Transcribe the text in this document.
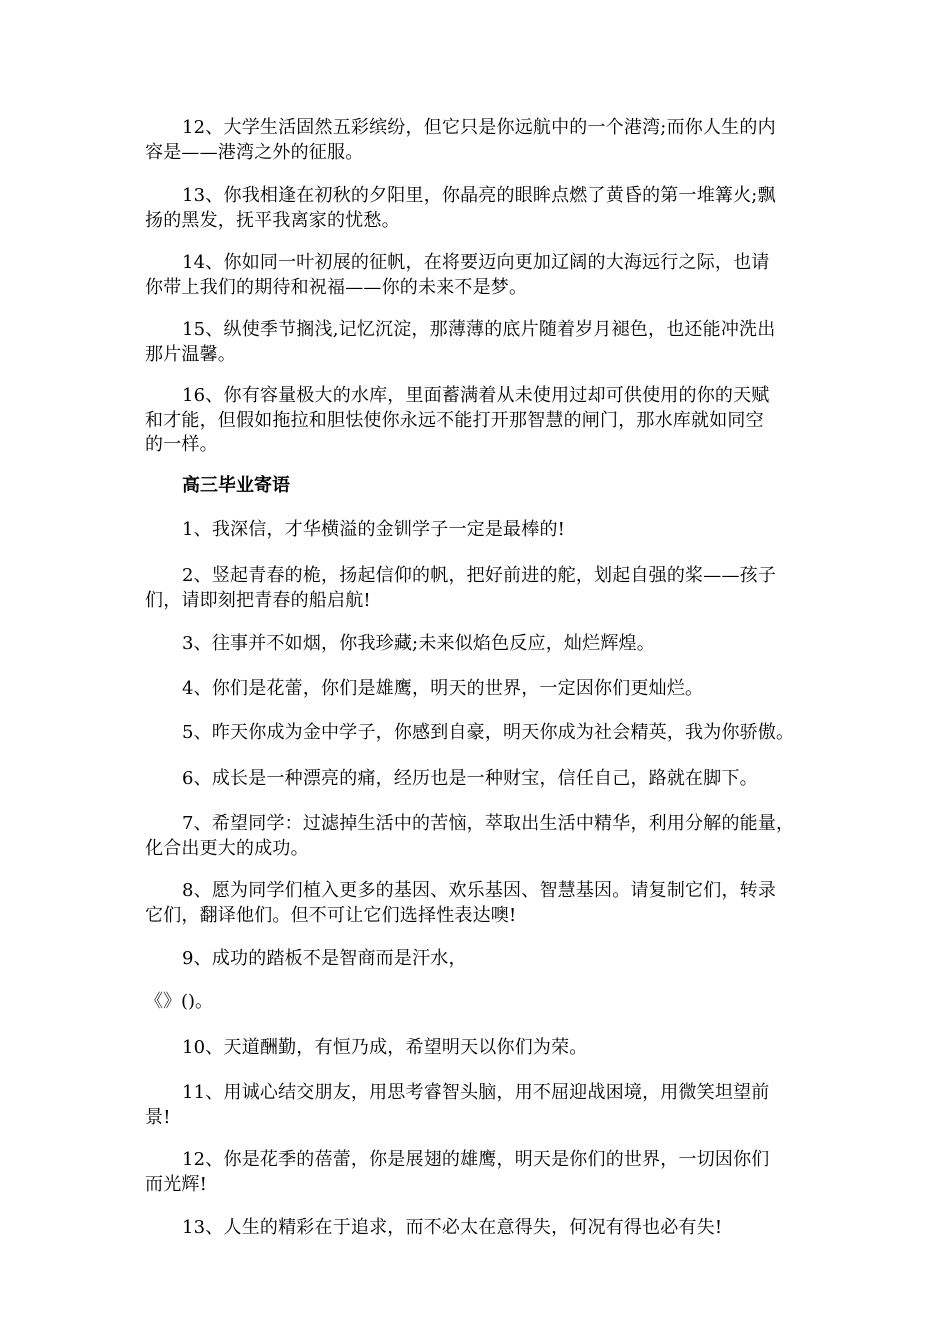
12、大学生活固然五彩缤纷，但它只是你远航中的一个港湾;而你人生的内
容是——港湾之外的征服。

13、你我相逢在初秋的夕阳里，你晶亮的眼眸点燃了黄昏的第一堆篝火;飘
扬的黑发，抚平我离家的忧愁。

14、你如同一叶初展的征帆，在将要迈向更加辽阔的大海远行之际，也请
你带上我们的期待和祝福——你的未来不是梦。

15、纵使季节搁浅,记忆沉淀，那薄薄的底片随着岁月褪色，也还能冲洗出
那片温馨。

16、你有容量极大的水库，里面蓄满着从未使用过却可供使用的你的天赋
和才能，但假如拖拉和胆怯使你永远不能打开那智慧的闸门，那水库就如同空
的一样。

高三毕业寄语

1、我深信，才华横溢的金钏学子一定是最棒的!

2、竖起青春的桅，扬起信仰的帆，把好前进的舵，划起自强的桨——孩子
们，请即刻把青春的船启航!

3、往事并不如烟，你我珍藏;未来似焰色反应，灿烂辉煌。

4、你们是花蕾，你们是雄鹰，明天的世界，一定因你们更灿烂。

5、昨天你成为金中学子，你感到自豪，明天你成为社会精英，我为你骄傲。

6、成长是一种漂亮的痛，经历也是一种财宝，信任自己，路就在脚下。

7、希望同学：过滤掉生活中的苦恼，萃取出生活中精华，利用分解的能量，
化合出更大的成功。

8、愿为同学们植入更多的基因、欢乐基因、智慧基因。请复制它们，转录
它们，翻译他们。但不可让它们选择性表达噢!

9、成功的踏板不是智商而是汗水，

《》()。

10、天道酬勤，有恒乃成，希望明天以你们为荣。

11、用诚心结交朋友，用思考睿智头脑，用不屈迎战困境，用微笑坦望前
景!

12、你是花季的蓓蕾，你是展翅的雄鹰，明天是你们的世界，一切因你们
而光辉!

13、人生的精彩在于追求，而不必太在意得失，何况有得也必有失!
